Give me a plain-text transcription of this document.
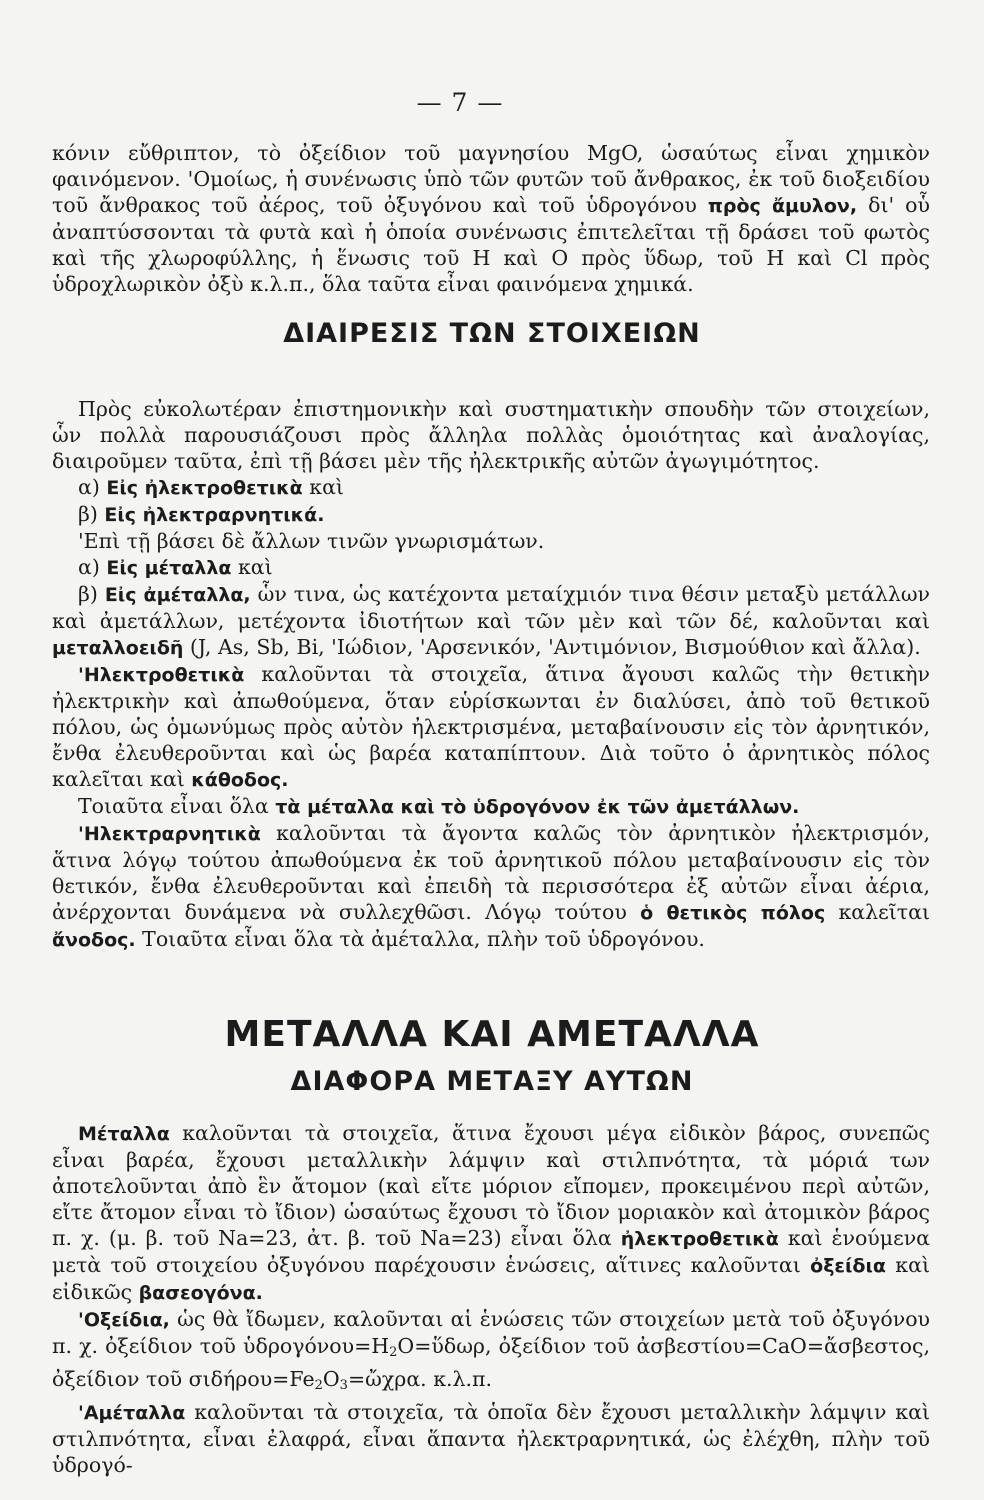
— 7 —

κόνιν εὔθριπτον, τὸ ὀξείδιον τοῦ μαγνησίου MgO, ὡσαύτως εἶναι χημικὸν φαινόμενον. 'Ομοίως, ἡ συνένωσις ὑπὸ τῶν φυτῶν τοῦ ἄνθρακος, ἐκ τοῦ διοξειδίου τοῦ ἄνθρακος τοῦ ἀέρος, τοῦ ὀξυγόνου καὶ τοῦ ὑδρογόνου πρὸς ἄμυλον, δι' οὗ ἀναπτύσσονται τὰ φυτὰ καὶ ἡ ὁποία συνένωσις ἐπιτελεῖται τῇ δράσει τοῦ φωτὸς καὶ τῆς χλωροφύλλης, ἡ ἕνωσις τοῦ Η καὶ Ο πρὸς ὕδωρ, τοῦ Η καὶ Cl πρὸς ὑδροχλωρικὸν ὀξὺ κ.λ.π., ὅλα ταῦτα εἶναι φαινόμενα χημικά.

ΔΙΑΙΡΕΣΙΣ ΤΩΝ ΣΤΟΙΧΕΙΩΝ

Πρὸς εὐκολωτέραν ἐπιστημονικὴν καὶ συστηματικὴν σπουδὴν τῶν στοιχείων, ὧν πολλὰ παρουσιάζουσι πρὸς ἄλληλα πολλὰς ὁμοιότητας καὶ ἀναλογίας, διαιροῦμεν ταῦτα, ἐπὶ τῇ βάσει μὲν τῆς ἠλεκτρικῆς αὐτῶν ἀγωγιμότητος.

α) Εἰς ἠλεκτροθετικὰ καὶ

β) Εἰς ἠλεκτραρνητικά.

'Επὶ τῇ βάσει δὲ ἄλλων τινῶν γνωρισμάτων.

α) Εἰς μέταλλα καὶ

β) Εἰς ἀμέταλλα, ὧν τινα, ὡς κατέχοντα μεταίχμιόν τινα θέσιν μεταξὺ μετάλλων καὶ ἀμετάλλων, μετέχοντα ἰδιοτήτων καὶ τῶν μὲν καὶ τῶν δέ, καλοῦνται καὶ μεταλλοειδῆ (J, As, Sb, Bi, 'Ιώδιον, 'Αρσενικόν, 'Αντιμόνιον, Βισμούθιον καὶ ἄλλα).

'Ηλεκτροθετικὰ καλοῦνται τὰ στοιχεῖα, ἅτινα ἄγουσι καλῶς τὴν θετικὴν ἠλεκτρικὴν καὶ ἀπωθούμενα, ὅταν εὑρίσκωνται ἐν διαλύσει, ἀπὸ τοῦ θετικοῦ πόλου, ὡς ὁμωνύμως πρὸς αὐτὸν ἠλεκτρισμένα, μεταβαίνουσιν εἰς τὸν ἀρνητικόν, ἔνθα ἐλευθεροῦνται καὶ ὡς βαρέα καταπίπτουν. Διὰ τοῦτο ὁ ἀρνητικὸς πόλος καλεῖται καὶ κάθοδος.

Τοιαῦτα εἶναι ὅλα τὰ μέταλλα καὶ τὸ ὑδρογόνον ἐκ τῶν ἀμετάλλων.

'Ηλεκτραρνητικὰ καλοῦνται τὰ ἄγοντα καλῶς τὸν ἀρνητικὸν ἠλεκτρισμόν, ἅτινα λόγῳ τούτου ἀπωθούμενα ἐκ τοῦ ἀρνητικοῦ πόλου μεταβαίνουσιν εἰς τὸν θετικόν, ἔνθα ἐλευθεροῦνται καὶ ἐπειδὴ τὰ περισσότερα ἐξ αὐτῶν εἶναι ἀέρια, ἀνέρχονται δυνάμενα νὰ συλλεχθῶσι. Λόγῳ τούτου ὁ θετικὸς πόλος καλεῖται ἄνοδος. Τοιαῦτα εἶναι ὅλα τὰ ἀμέταλλα, πλὴν τοῦ ὑδρογόνου.

ΜΕΤΑΛΛΑ ΚΑΙ ΑΜΕΤΑΛΛΑ
ΔΙΑΦΟΡΑ ΜΕΤΑΞΥ ΑΥΤΩΝ

Μέταλλα καλοῦνται τὰ στοιχεῖα, ἅτινα ἔχουσι μέγα εἰδικὸν βάρος, συνεπῶς εἶναι βαρέα, ἔχουσι μεταλλικὴν λάμψιν καὶ στιλπνότητα, τὰ μόριά των ἀποτελοῦνται ἀπὸ ἓν ἄτομον (καὶ εἴτε μόριον εἴπομεν, προκειμένου περὶ αὐτῶν, εἴτε ἄτομον εἶναι τὸ ἴδιον) ὡσαύτως ἔχουσι τὸ ἴδιον μοριακὸν καὶ ἀτομικὸν βάρος π. χ. (μ. β. τοῦ Na=23, ἀτ. β. τοῦ Na=23) εἶναι ὅλα ἠλεκτροθετικὰ καὶ ἑνούμενα μετὰ τοῦ στοιχείου ὀξυγόνου παρέχουσιν ἑνώσεις, αἵτινες καλοῦνται ὀξείδια καὶ εἰδικῶς βασεογόνα.

'Οξείδια, ὡς θὰ ἴδωμεν, καλοῦνται αἱ ἑνώσεις τῶν στοιχείων μετὰ τοῦ ὀξυγόνου π. χ. ὀξείδιον τοῦ $ὑ\delta\rho o\gamma ό\nu o\upsilon=H_2O=ὕ\delta\omega\rho$, ὀξείδιον τοῦ ἀσβεστίου=CaO=ἄσβεστος, ὀξείδιον τοῦ $\sigma\iota\delta ή\rho o\upsilon=Fe_2O_3=ὤ\chi\rho\alpha$. κ.λ.π.

'Αμέταλλα καλοῦνται τὰ στοιχεῖα, τὰ ὁποῖα δὲν ἔχουσι μεταλλικὴν λάμψιν καὶ στιλπνότητα, εἶναι ἐλαφρά, εἶναι ἅπαντα ἠλεκτραρνητικά, ὡς ἐλέχθη, πλὴν τοῦ ὑδρογό-
